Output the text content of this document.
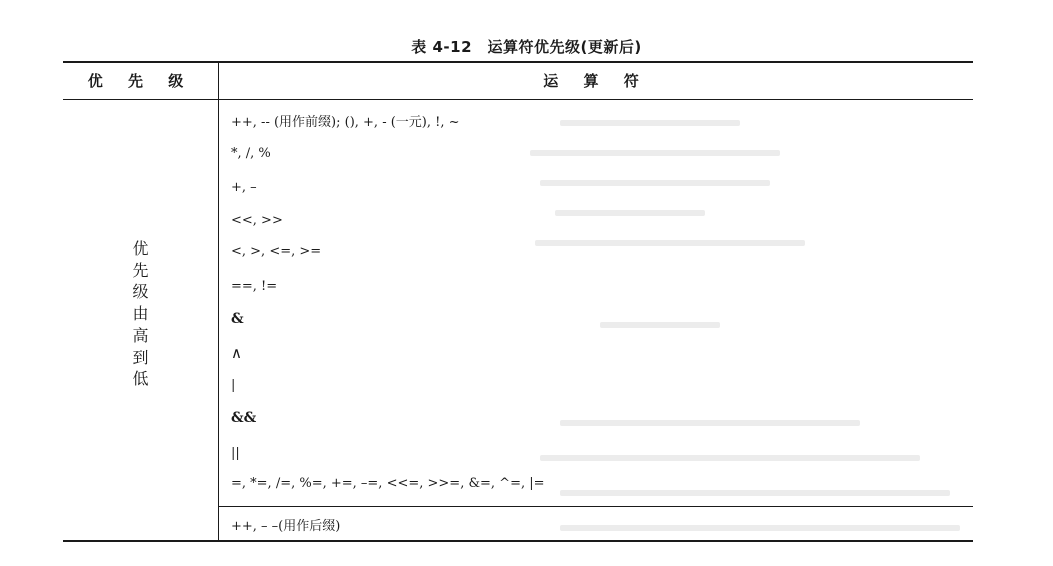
表 4-12　运算符优先级(更新后)
优 先 级	运 算 符
优
先
级
由
高
到
低
++, -- (用作前缀); (), +, - (一元), !, ~
*, /, %
+, –
<<, >>
<, >, <=, >=
==, !=
&
∧
|
&&
||
=, *=, /=, %=, +=, –=, <<=, >>=, &=, ^=, |=
++, – –(用作后缀)
